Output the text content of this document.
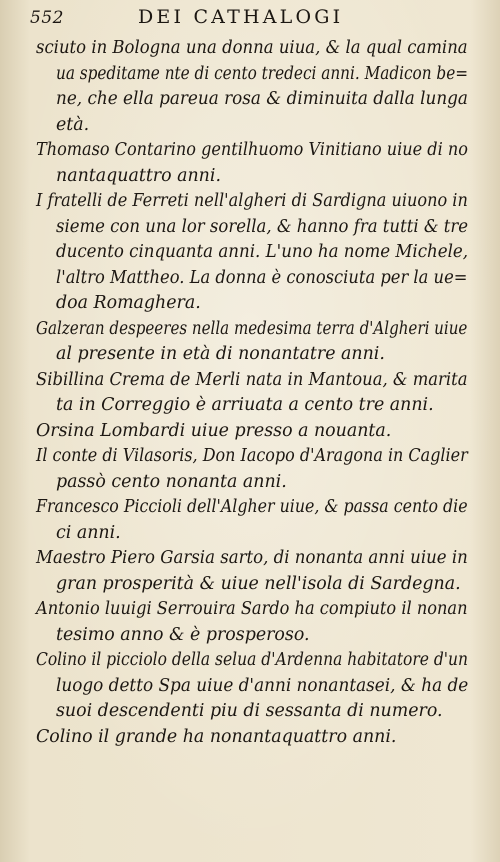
552	DEI CATHALOGI
sciuto in Bologna una donna uiua, & la qual camina
ua speditame nte di cento tredeci anni. Madicon be=
ne, che ella pareua rosa & diminuita dalla lunga
età.
Thomaso Contarino gentilhuomo Vinitiano uiue di no
nantaquattro anni.
I fratelli de Ferreti nell'algheri di Sardigna uiuono in
sieme con una lor sorella, & hanno fra tutti & tre
ducento cinquanta anni. L'uno ha nome Michele,
l'altro Mattheo. La donna è conosciuta per la ue=
doa Romaghera.
Galzeran despeeres nella medesima terra d'Algheri uiue
al presente in età di nonantatre anni.
Sibillina Crema de Merli nata in Mantoua, & marita
ta in Correggio è arriuata a cento tre anni.
Orsina Lombardi uiue presso a nouanta.
Il conte di Vilasoris, Don Iacopo d'Aragona in Caglier
passò cento nonanta anni.
Francesco Piccioli dell'Algher uiue, & passa cento die
ci anni.
Maestro Piero Garsia sarto, di nonanta anni uiue in
gran prosperità & uiue nell'isola di Sardegna.
Antonio luuigi Serrouira Sardo ha compiuto il nonan
tesimo anno & è prosperoso.
Colino il picciolo della selua d'Ardenna habitatore d'un
luogo detto Spa uiue d'anni nonantasei, & ha de
suoi descendenti piu di sessanta di numero.
Colino il grande ha nonantaquattro anni.
